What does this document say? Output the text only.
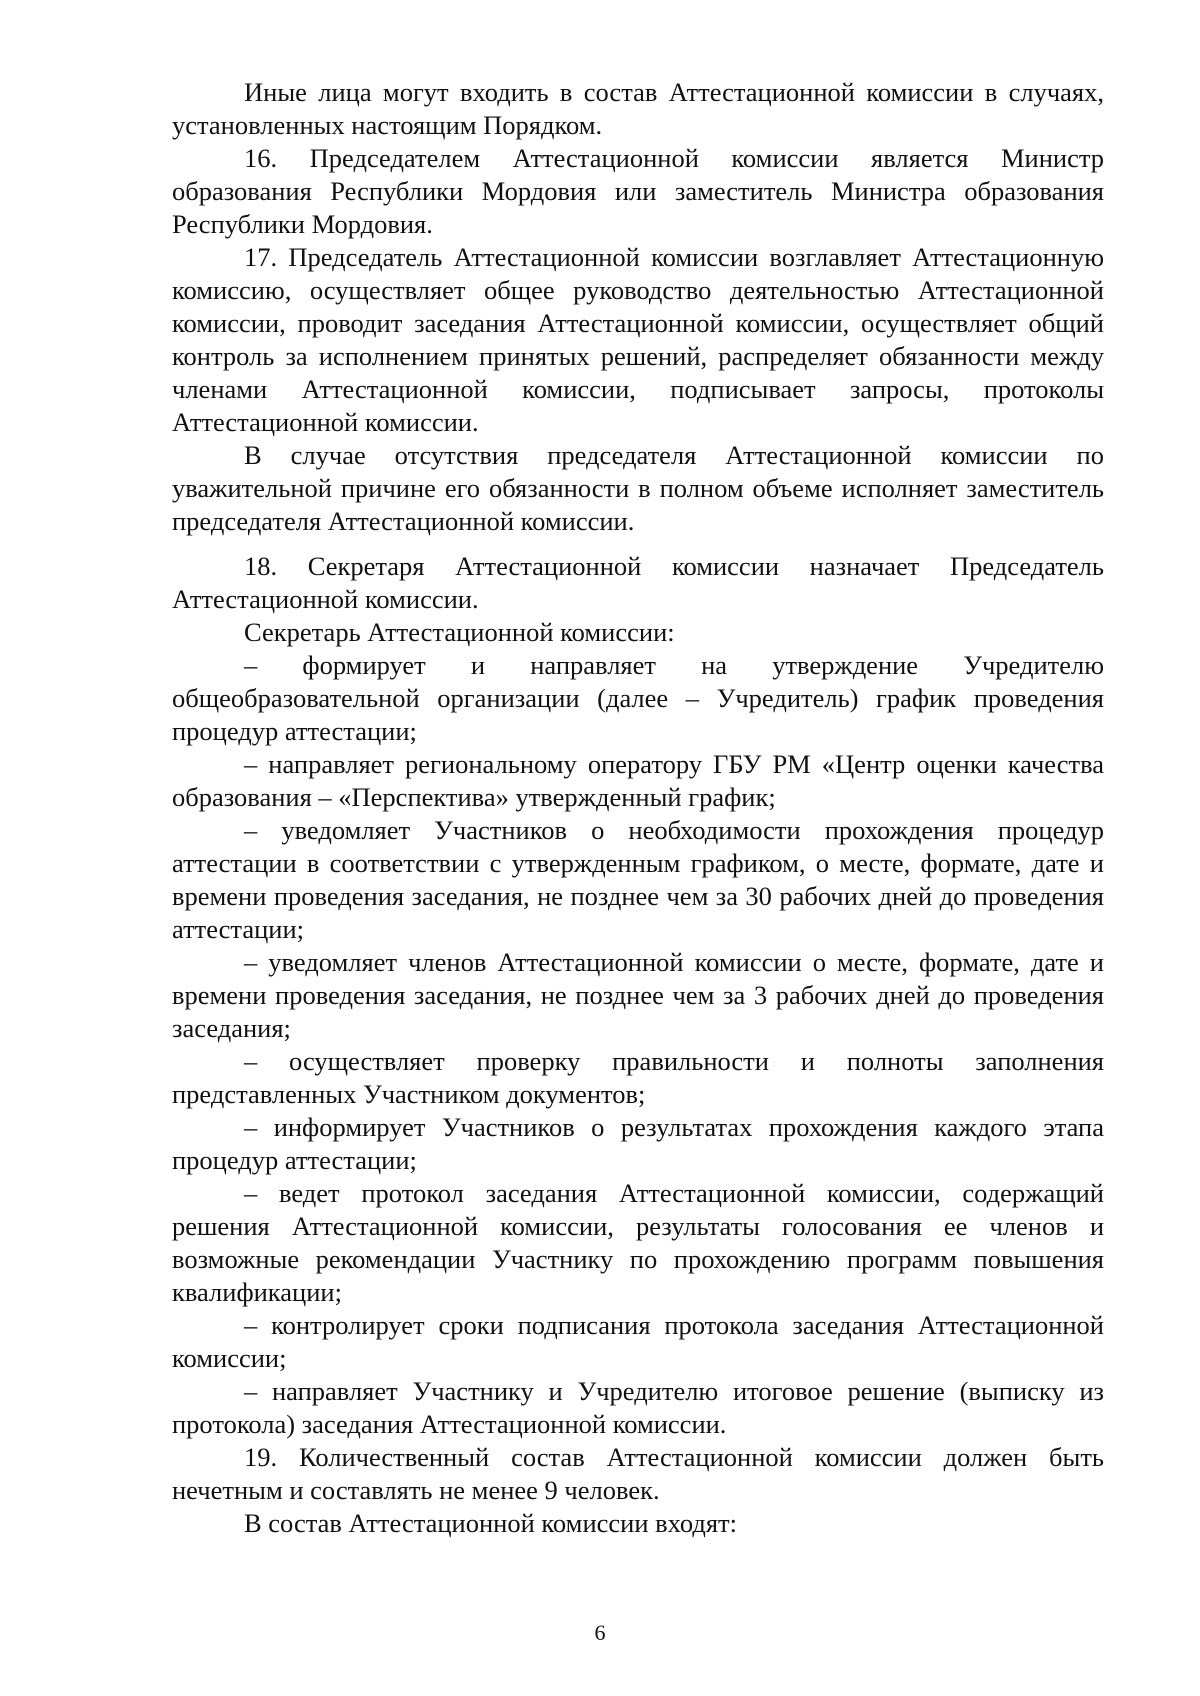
Иные лица могут входить в состав Аттестационной комиссии в случаях, установленных настоящим Порядком.

16. Председателем Аттестационной комиссии является Министр образования Республики Мордовия или заместитель Министра образования Республики Мордовия.

17. Председатель Аттестационной комиссии возглавляет Аттестационную комиссию, осуществляет общее руководство деятельностью Аттестационной комиссии, проводит заседания Аттестационной комиссии, осуществляет общий контроль за исполнением принятых решений, распределяет обязанности между членами Аттестационной комиссии, подписывает запросы, протоколы Аттестационной комиссии.

В случае отсутствия председателя Аттестационной комиссии по уважительной причине его обязанности в полном объеме исполняет заместитель председателя Аттестационной комиссии.

18. Секретаря Аттестационной комиссии назначает Председатель Аттестационной комиссии.

Секретарь Аттестационной комиссии:

– формирует и направляет на утверждение Учредителю общеобразовательной организации (далее – Учредитель) график проведения процедур аттестации;

– направляет региональному оператору ГБУ РМ «Центр оценки качества образования – «Перспектива» утвержденный график;

– уведомляет Участников о необходимости прохождения процедур аттестации в соответствии с утвержденным графиком, о месте, формате, дате и времени проведения заседания, не позднее чем за 30 рабочих дней до проведения аттестации;

– уведомляет членов Аттестационной комиссии о месте, формате, дате и времени проведения заседания, не позднее чем за 3 рабочих дней до проведения заседания;

– осуществляет проверку правильности и полноты заполнения представленных Участником документов;

– информирует Участников о результатах прохождения каждого этапа процедур аттестации;

– ведет протокол заседания Аттестационной комиссии, содержащий решения Аттестационной комиссии, результаты голосования ее членов и возможные рекомендации Участнику по прохождению программ повышения квалификации;

– контролирует сроки подписания протокола заседания Аттестационной комиссии;

– направляет Участнику и Учредителю итоговое решение (выписку из протокола) заседания Аттестационной комиссии.

19. Количественный состав Аттестационной комиссии должен быть нечетным и составлять не менее 9 человек.

В состав Аттестационной комиссии входят:

6
